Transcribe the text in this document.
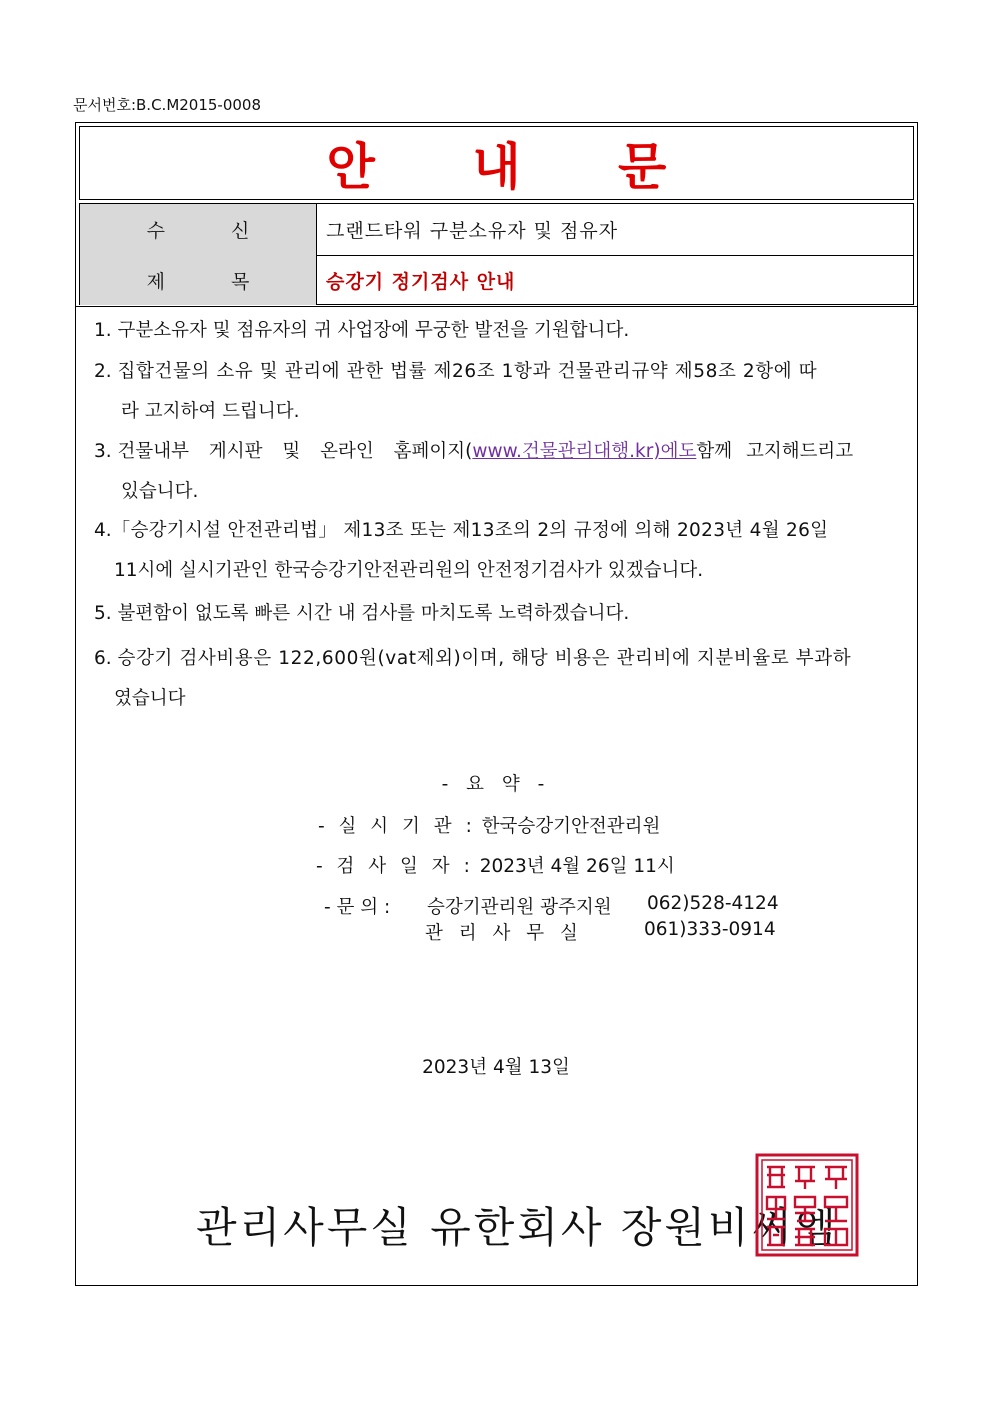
문서번호:B.C.M2015-0008
안 내 문
수 신	그랜드타워 구분소유자 및 점유자
제 목	승강기 정기검사 안내
1.
구분소유자 및 점유자의 귀 사업장에 무궁한 발전을 기원합니다.
2.
집합건물의 소유 및 관리에 관한 법률 제26조 1항과 건물관리규약 제58조 2항에 따
라 고지하여 드립니다.
3.
건물내부 게시판 및 온라인 홈페이지( www.건물관리대행.kr)에도 함께 고지해드리고
있습니다.
4. 「승강기시설 안전관리법」 제13조 또는 제13조의 2의 규정에 의해 2023년 4월 26일
11시에 실시기관인 한국승강기안전관리원의 안전정기검사가 있겠습니다.
5.
불편함이 없도록 빠른 시간 내 검사를 마치도록 노력하겠습니다.
6.
승강기 검사비용은 122,600원(vat제외)이며, 해당 비용은 관리비에 지분비율로 부과하
였습니다
- 요 약 -
- 실 시 기 관 : 한국승강기안전관리원
- 검 사 일 자 : 2023년 4월 26일 11시
- 문 의 : 승강기관리원 광주지원 062)528-4124
관 리 사 무 실	061)333-0914
2023년 4월 13일
관리사무실 유한회사 장원비씨엠
